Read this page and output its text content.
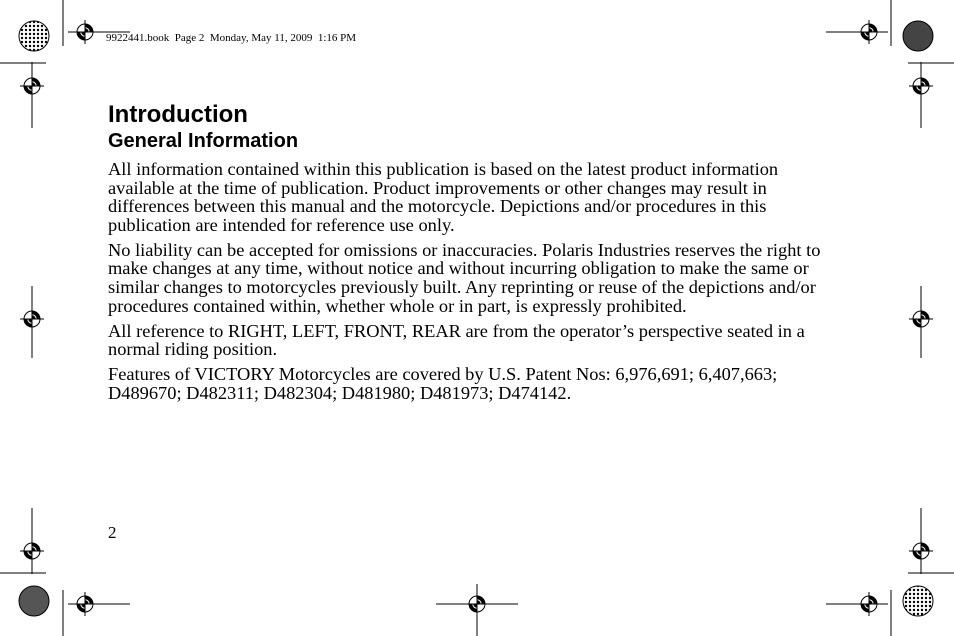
9922441.book  Page 2  Monday, May 11, 2009  1:16 PM
Introduction
General Information

All information contained within this publication is based on the latest product information available at the time of publication. Product improvements or other changes may result in differences between this manual and the motorcycle. Depictions and/or procedures in this publication are intended for reference use only.

No liability can be accepted for omissions or inaccuracies. Polaris Industries reserves the right to make changes at any time, without notice and without incurring obligation to make the same or similar changes to motorcycles previously built. Any reprinting or reuse of the depictions and/or procedures contained within, whether whole or in part, is expressly prohibited.

All reference to RIGHT, LEFT, FRONT, REAR are from the operator’s perspective seated in a normal riding position.

Features of VICTORY Motorcycles are covered by U.S. Patent Nos: 6,976,691; 6,407,663; D489670; D482311; D482304; D481980; D481973; D474142.

2
